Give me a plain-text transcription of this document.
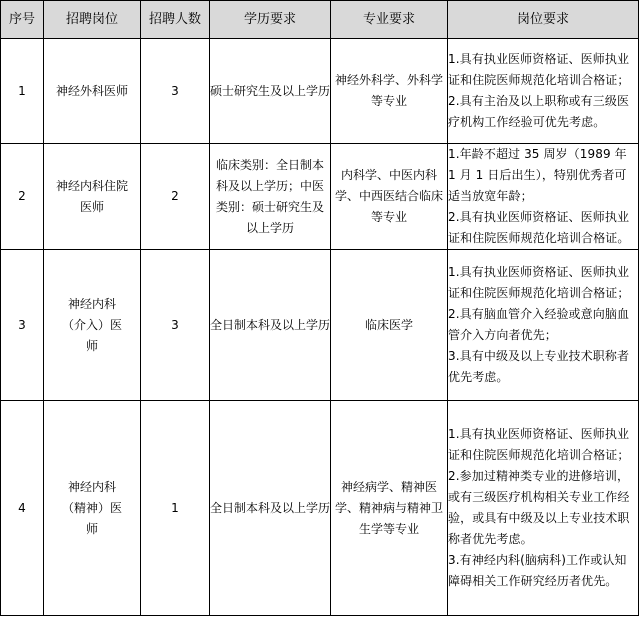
序号	招聘岗位	招聘人数	学历要求	专业要求	岗位要求
1	神经外科医师	3	硕士研究生及以上学历	神经外科学、外科学等专业	1.具有执业医师资格证、医师执业证和住院医师规范化培训合格证；
2.具有主治及以上职称或有三级医疗机构工作经验可优先考虑。

2	神经内科住院医师	2	临床类别：全日制本科及以上学历；中医类别：硕士研究生及以上学历	内科学、中医内科学、中西医结合临床等专业	1.年龄不超过 35 周岁（1989 年 1 月 1 日后出生），特别优秀者可适当放宽年龄；
2.具有执业医师资格证、医师执业证和住院医师规范化培训合格证。

3	神经内科（介入）医师	3	全日制本科及以上学历	临床医学	1.具有执业医师资格证、医师执业证和住院医师规范化培训合格证；
2.具有脑血管介入经验或意向脑血管介入方向者优先；
3.具有中级及以上专业技术职称者优先考虑。

4	神经内科（精神）医师	1	全日制本科及以上学历	神经病学、精神医学、精神病与精神卫生学等专业	1.具有执业医师资格证、医师执业证和住院医师规范化培训合格证；
2.参加过精神类专业的进修培训，或有三级医疗机构相关专业工作经验，或具有中级及以上专业技术职称者优先考虑。
3.有神经内科(脑病科)工作或认知障碍相关工作研究经历者优先。
